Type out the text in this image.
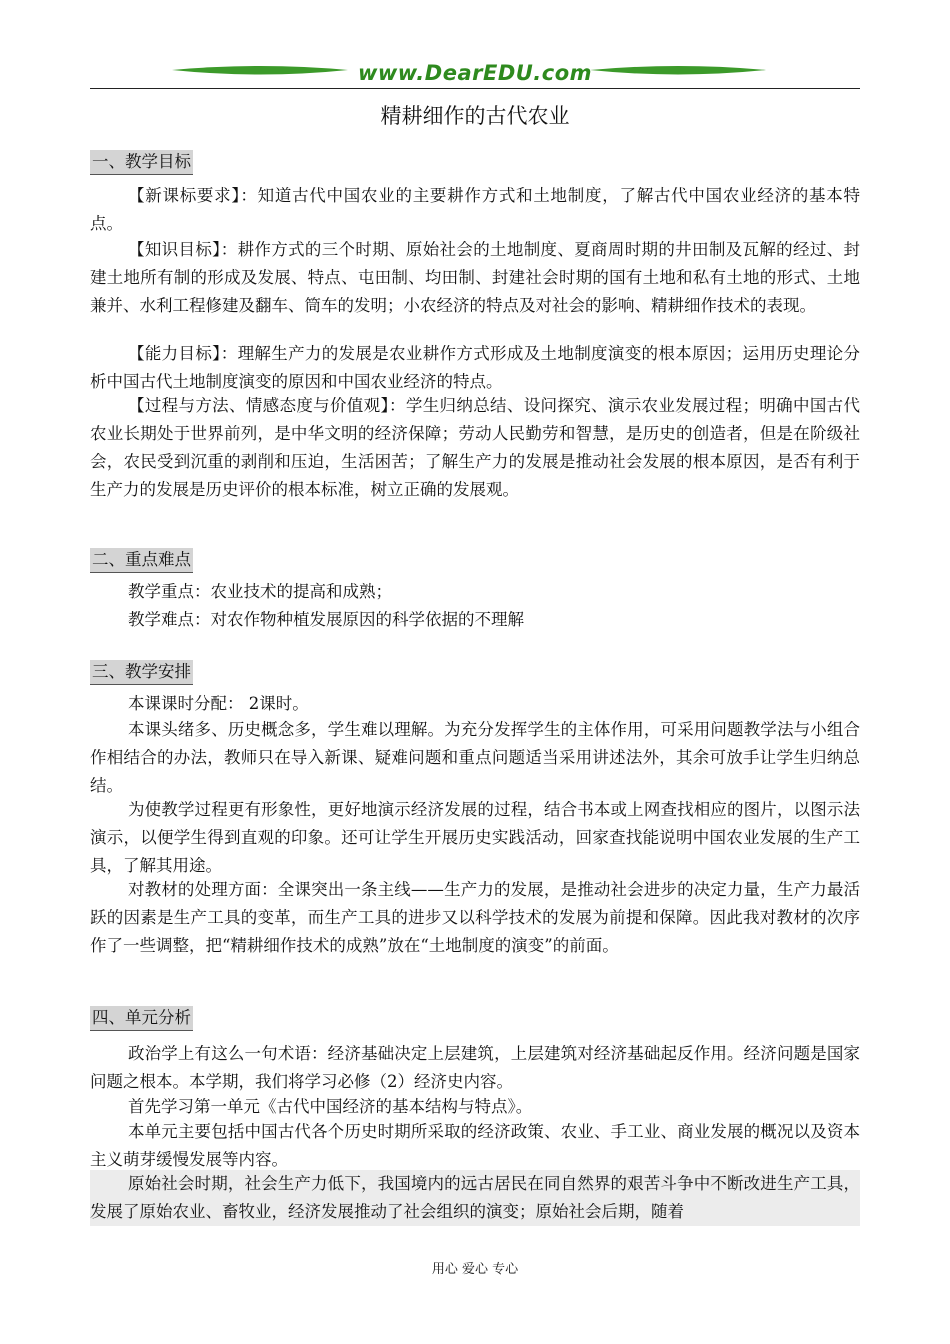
www.DearEDU.com
精耕细作的古代农业
一、教学目标
【新课标要求】：知道古代中国农业的主要耕作方式和土地制度，了解古代中国农业经济的基本特点。
【知识目标】：耕作方式的三个时期、原始社会的土地制度、夏商周时期的井田制及瓦解的经过、封建土地所有制的形成及发展、特点、屯田制、均田制、封建社会时期的国有土地和私有土地的形式、土地兼并、水利工程修建及翻车、筒车的发明；小农经济的特点及对社会的影响、精耕细作技术的表现。
【能力目标】：理解生产力的发展是农业耕作方式形成及土地制度演变的根本原因；运用历史理论分析中国古代土地制度演变的原因和中国农业经济的特点。
【过程与方法、情感态度与价值观】：学生归纳总结、设问探究、演示农业发展过程；明确中国古代农业长期处于世界前列，是中华文明的经济保障；劳动人民勤劳和智慧，是历史的创造者，但是在阶级社会，农民受到沉重的剥削和压迫，生活困苦；了解生产力的发展是推动社会发展的根本原因，是否有利于生产力的发展是历史评价的根本标准，树立正确的发展观。
二、重点难点
教学重点：农业技术的提高和成熟；
教学难点：对农作物种植发展原因的科学依据的不理解
三、教学安排
本课课时分配： 2课时。
本课头绪多、历史概念多，学生难以理解。为充分发挥学生的主体作用，可采用问题教学法与小组合作相结合的办法，教师只在导入新课、疑难问题和重点问题适当采用讲述法外，其余可放手让学生归纳总结。
为使教学过程更有形象性，更好地演示经济发展的过程，结合书本或上网查找相应的图片，以图示法演示，以便学生得到直观的印象。还可让学生开展历史实践活动，回家查找能说明中国农业发展的生产工具，了解其用途。
对教材的处理方面：全课突出一条主线——生产力的发展，是推动社会进步的决定力量，生产力最活跃的因素是生产工具的变革，而生产工具的进步又以科学技术的发展为前提和保障。因此我对教材的次序作了一些调整，把“精耕细作技术的成熟”放在“土地制度的演变”的前面。
四、单元分析
政治学上有这么一句术语：经济基础决定上层建筑，上层建筑对经济基础起反作用。经济问题是国家问题之根本。本学期，我们将学习必修（2）经济史内容。
首先学习第一单元《古代中国经济的基本结构与特点》。
本单元主要包括中国古代各个历史时期所采取的经济政策、农业、手工业、商业发展的概况以及资本主义萌芽缓慢发展等内容。
原始社会时期，社会生产力低下，我国境内的远古居民在同自然界的艰苦斗争中不断改进生产工具，发展了原始农业、畜牧业，经济发展推动了社会组织的演变；原始社会后期，随着
用心 爱心 专心
